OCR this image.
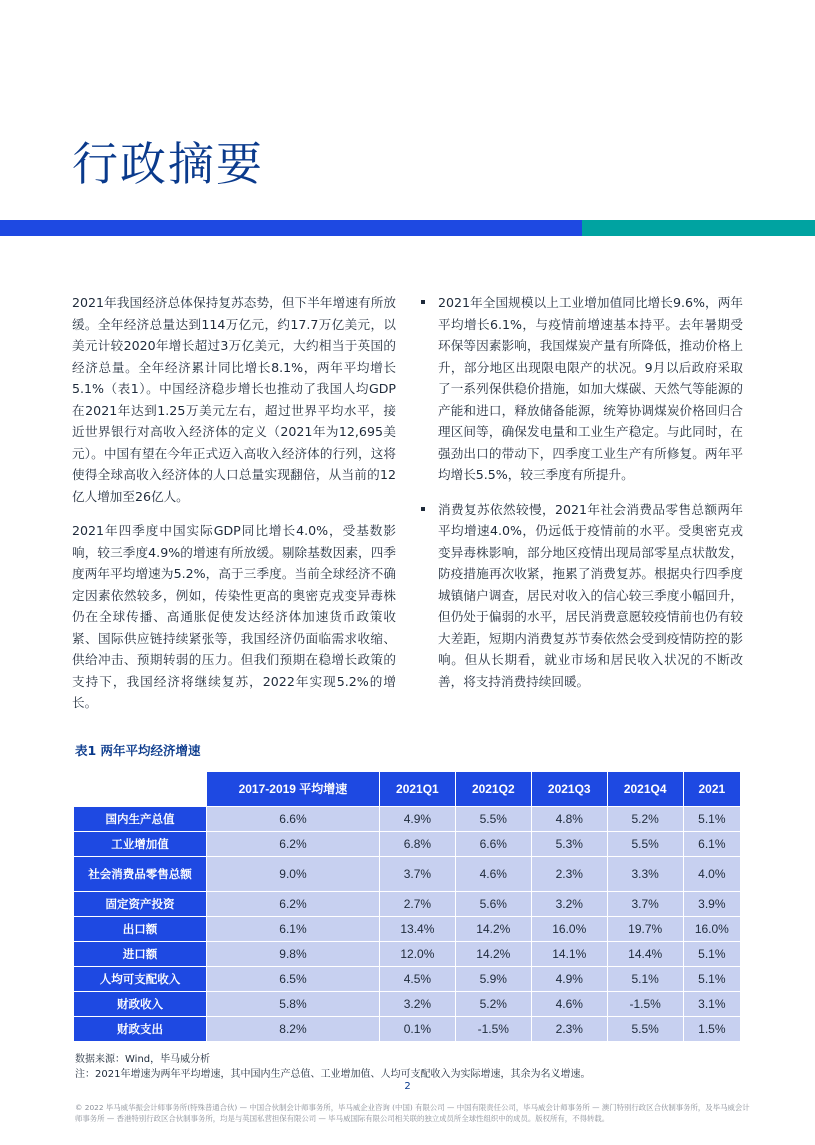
行政摘要

2021年我国经济总体保持复苏态势，但下半年增速有所放缓。全年经济总量达到114万亿元，约17.7万亿美元，以美元计较2020年增长超过3万亿美元，大约相当于英国的经济总量。全年经济累计同比增长8.1%，两年平均增长5.1%（表1）。中国经济稳步增长也推动了我国人均GDP在2021年达到1.25万美元左右，超过世界平均水平，接近世界银行对高收入经济体的定义（2021年为12,695美元）。中国有望在今年正式迈入高收入经济体的行列，这将使得全球高收入经济体的人口总量实现翻倍，从当前的12亿人增加至26亿人。

2021年四季度中国实际GDP同比增长4.0%，受基数影响，较三季度4.9%的增速有所放缓。剔除基数因素，四季度两年平均增速为5.2%，高于三季度。当前全球经济不确定因素依然较多，例如，传染性更高的奥密克戎变异毒株仍在全球传播、高通胀促使发达经济体加速货币政策收紧、国际供应链持续紧张等，我国经济仍面临需求收缩、供给冲击、预期转弱的压力。但我们预期在稳增长政策的支持下，我国经济将继续复苏，2022年实现5.2%的增长。

2021年全国规模以上工业增加值同比增长9.6%，两年平均增长6.1%，与疫情前增速基本持平。去年暑期受环保等因素影响，我国煤炭产量有所降低，推动价格上升，部分地区出现限电限产的状况。9月以后政府采取了一系列保供稳价措施，如加大煤碳、天然气等能源的产能和进口，释放储备能源，统筹协调煤炭价格回归合理区间等，确保发电量和工业生产稳定。与此同时，在强劲出口的带动下，四季度工业生产有所修复。两年平均增长5.5%，较三季度有所提升。
消费复苏依然较慢，2021年社会消费品零售总额两年平均增速4.0%，仍远低于疫情前的水平。受奥密克戎变异毒株影响，部分地区疫情出现局部零星点状散发，防疫措施再次收紧，拖累了消费复苏。根据央行四季度城镇储户调查，居民对收入的信心较三季度小幅回升，但仍处于偏弱的水平，居民消费意愿较疫情前也仍有较大差距，短期内消费复苏节奏依然会受到疫情防控的影响。但从长期看，就业市场和居民收入状况的不断改善，将支持消费持续回暖。
表1 两年平均经济增速
	2017-2019 平均增速	2021Q1	2021Q2	2021Q3	2021Q4	2021
国内生产总值	6.6%	4.9%	5.5%	4.8%	5.2%	5.1%
工业增加值	6.2%	6.8%	6.6%	5.3%	5.5%	6.1%
社会消费品零售总额	9.0%	3.7%	4.6%	2.3%	3.3%	4.0%
固定资产投资	6.2%	2.7%	5.6%	3.2%	3.7%	3.9%
出口额	6.1%	13.4%	14.2%	16.0%	19.7%	16.0%
进口额	9.8%	12.0%	14.2%	14.1%	14.4%	5.1%
人均可支配收入	6.5%	4.5%	5.9%	4.9%	5.1%	5.1%
财政收入	5.8%	3.2%	5.2%	4.6%	-1.5%	3.1%
财政支出	8.2%	0.1%	-1.5%	2.3%	5.5%	1.5%
数据来源：Wind，毕马威分析
注：2021年增速为两年平均增速，其中国内生产总值、工业增加值、人均可支配收入为实际增速，其余为名义增速。
2
© 2022 毕马威华振会计师事务所(特殊普通合伙) — 中国合伙制会计师事务所，毕马威企业咨询 (中国) 有限公司 — 中国有限责任公司，毕马威会计师事务所 — 澳门特别行政区合伙制事务所，及毕马威会计师事务所 — 香港特别行政区合伙制事务所，均是与英国私营担保有限公司 — 毕马威国际有限公司相关联的独立成员所全球性组织中的成员。版权所有，不得转载。
